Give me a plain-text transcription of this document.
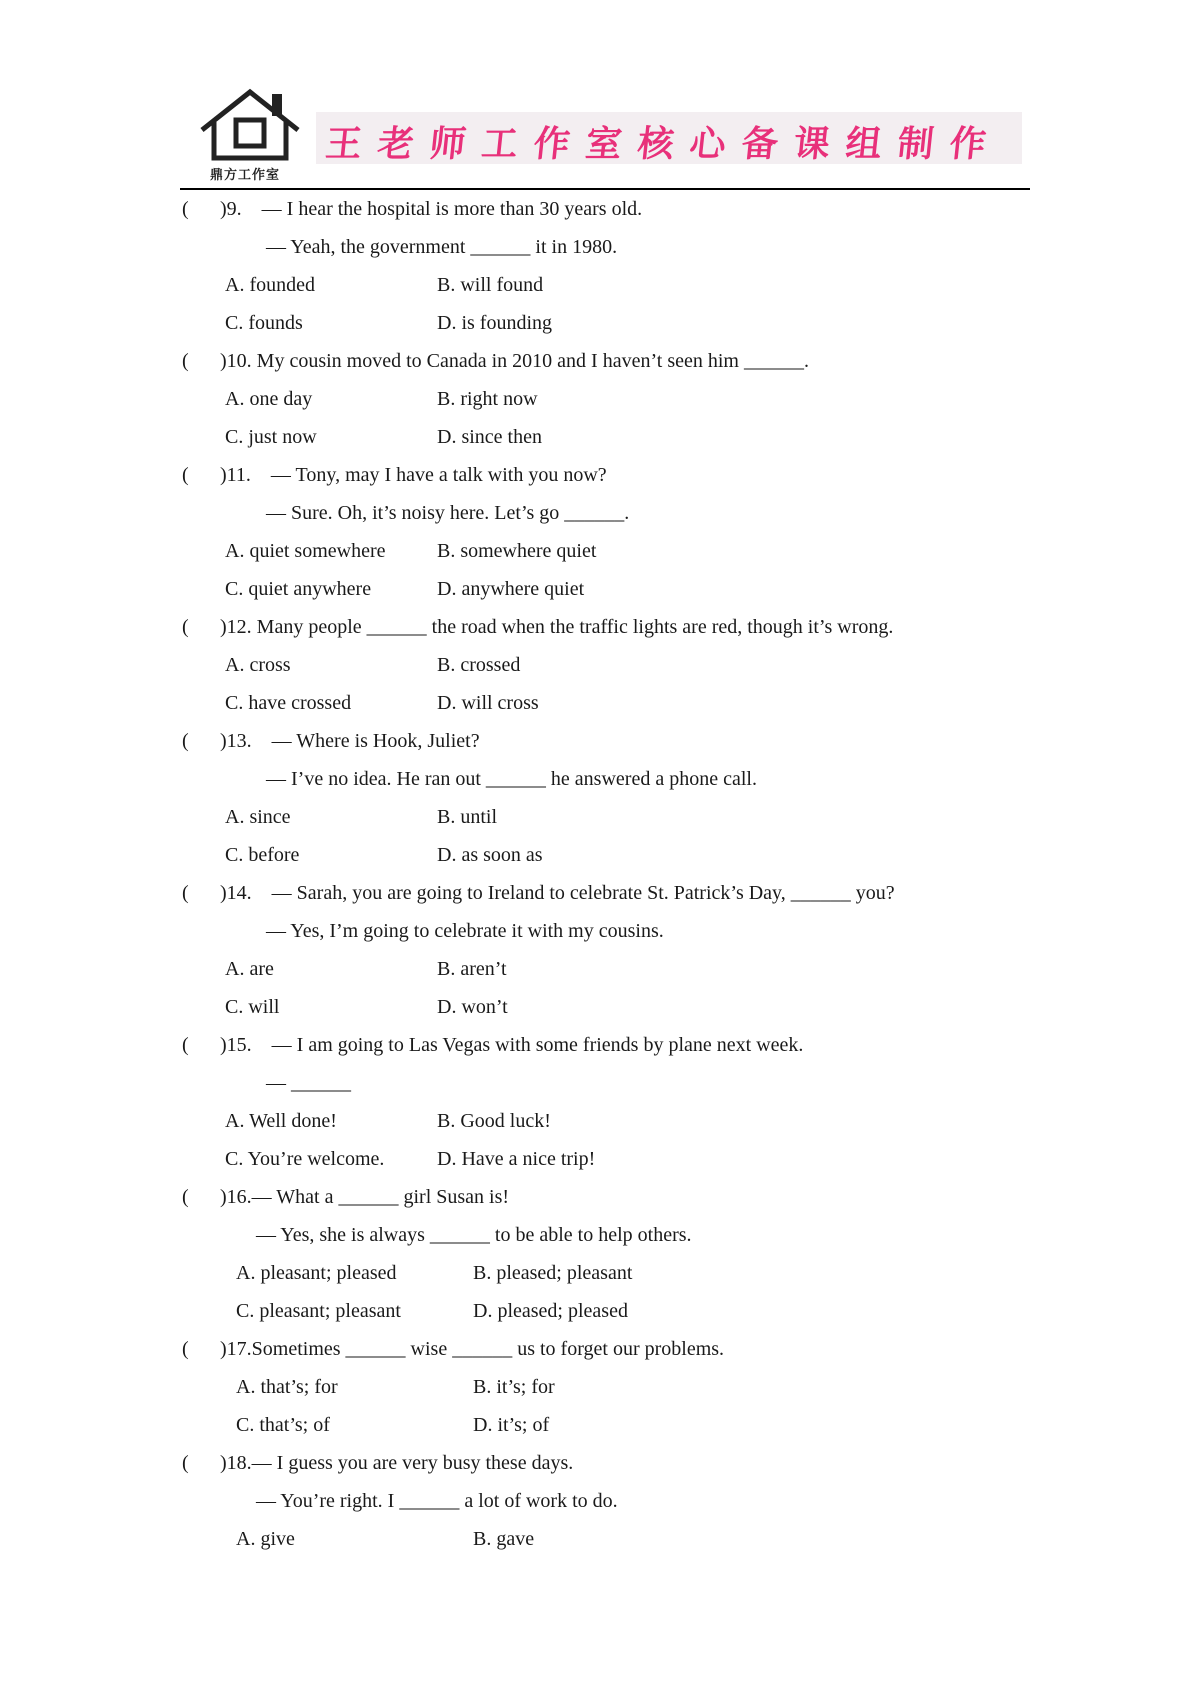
鼎方工作室
王老师工作室核心备课组制作
( )9.　— I hear the hospital is more than 30 years old.
— Yeah, the government ______ it in 1980.
A. founded	B. will found
C. founds	D. is founding
( )10. My cousin moved to Canada in 2010 and I haven’t seen him ______.
A. one day	B. right now
C. just now	D. since then
( )11.　— Tony, may I have a talk with you now?
— Sure. Oh, it’s noisy here. Let’s go ______.
A. quiet somewhere	B. somewhere quiet
C. quiet anywhere	D. anywhere quiet
( )12. Many people ______ the road when the traffic lights are red, though it’s wrong.
A. cross	B. crossed
C. have crossed	D. will cross
( )13.　— Where is Hook, Juliet?
— I’ve no idea. He ran out ______ he answered a phone call.
A. since	B. until
C. before	D. as soon as
( )14.　— Sarah, you are going to Ireland to celebrate St. Patrick’s Day, ______ you?
— Yes, I’m going to celebrate it with my cousins.
A. are	B. aren’t
C. will	D. won’t
( )15.　— I am going to Las Vegas with some friends by plane next week.
— ______
A. Well done!	B. Good luck!
C. You’re welcome.	D. Have a nice trip!
( )16.— What a ______ girl Susan is!
— Yes, she is always ______ to be able to help others.
A. pleasant; pleased	B. pleased; pleasant
C. pleasant; pleasant	D. pleased; pleased
( )17.Sometimes ______ wise ______ us to forget our problems.
A. that’s; for	B. it’s; for
C. that’s; of	D. it’s; of
( )18.— I guess you are very busy these days.
— You’re right. I ______ a lot of work to do.
A. give	B. gave
